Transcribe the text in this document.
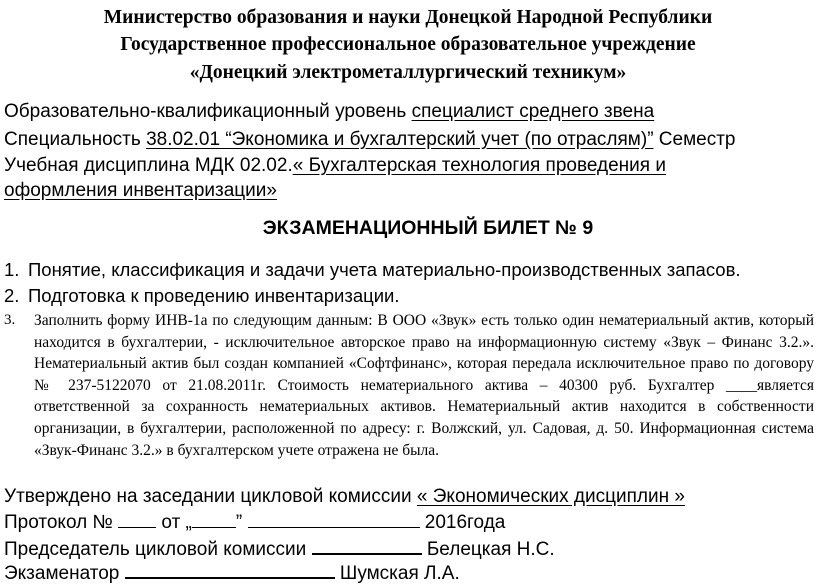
Министерство образования и науки Донецкой Народной Республики
Государственное профессиональное образовательное учреждение
«Донецкий электрометаллургический техникум»
Образовательно-квалификационный уровень специалист среднего звена
Специальность 38.02.01 “Экономика и бухгалтерский учет (по отраслям)” Семестр
Учебная дисциплина МДК 02.02.« Бухгалтерская технология проведения и
оформления инвентаризации»
ЭКЗАМЕНАЦИОННЫЙ БИЛЕТ № 9
1. Понятие, классификация и задачи учета материально-производственных запасов.
2. Подготовка к проведению инвентаризации.
3. Заполнить форму ИНВ-1а по следующим данным: В ООО «Звук» есть только один нематериальный актив, который находится в бухгалтерии, - исключительное авторское право на информационную систему «Звук – Финанс 3.2.». Нематериальный актив был создан компанией «Софтфинанс», которая передала исключительное право по договору № 237-5122070 от 21.08.2011г. Стоимость нематериального актива – 40300 руб. Бухгалтер ____является ответственной за сохранность нематериальных активов. Нематериальный актив находится в собственности организации, в бухгалтерии, расположенной по адресу: г. Волжский, ул. Садовая, д. 50. Информационная система «Звук-Финанс 3.2.» в бухгалтерском учете отражена не была.
Утверждено на заседании цикловой комиссии « Экономических дисциплин »
Протокол №  от „ ”	2016года
Председатель цикловой комиссии	Белецкая Н.С.
Экзаменатор	Шумская Л.А.
